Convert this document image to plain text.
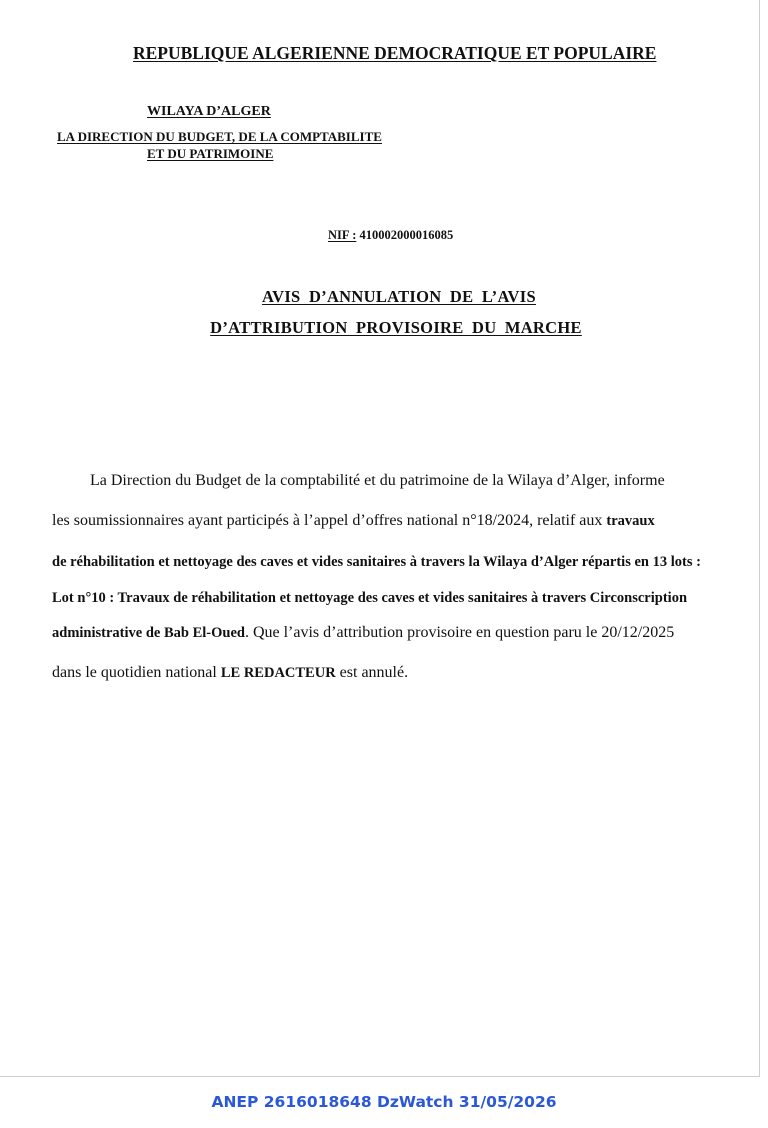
REPUBLIQUE ALGERIENNE DEMOCRATIQUE ET POPULAIRE
WILAYA D’ALGER
LA DIRECTION DU BUDGET, DE LA COMPTABILITE
ET DU PATRIMOINE
NIF : 410002000016085
AVIS D’ANNULATION DE L’AVIS
D’ATTRIBUTION PROVISOIRE DU MARCHE
La Direction du Budget de la comptabilité et du patrimoine de la Wilaya d’Alger, informe
les soumissionnaires ayant participés à l’appel d’offres national n°18/2024, relatif aux travaux
de réhabilitation et nettoyage des caves et vides sanitaires à travers la Wilaya d’Alger répartis en 13 lots :
Lot n°10 : Travaux de réhabilitation et nettoyage des caves et vides sanitaires à travers Circonscription
administrative de Bab El-Oued. Que l’avis d’attribution provisoire en question paru le 20/12/2025
dans le quotidien national LE REDACTEUR est annulé.
ANEP 2616018648 DzWatch 31/05/2026
